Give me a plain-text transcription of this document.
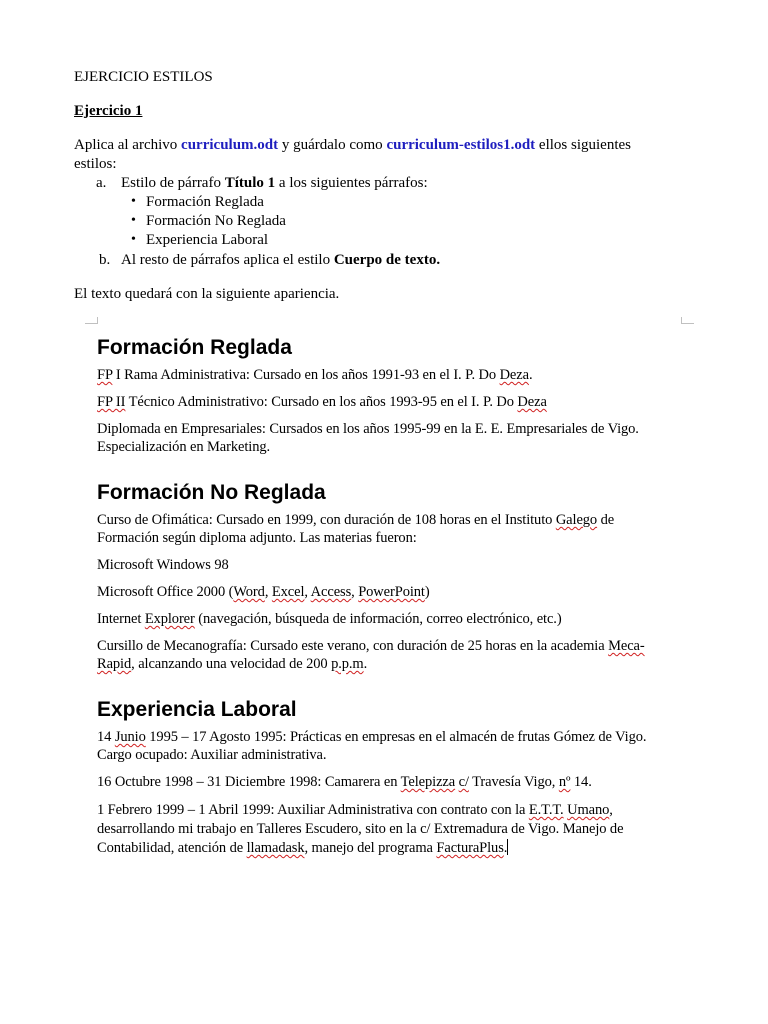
EJERCICIO ESTILOS
Ejercicio 1
Aplica al archivo curriculum.odt y guárdalo como curriculum-estilos1.odt ellos siguientes
estilos:
a. Estilo de párrafo Título 1 a los siguientes párrafos:
• Formación Reglada
• Formación No Reglada
• Experiencia Laboral
b. Al resto de párrafos aplica el estilo Cuerpo de texto.
El texto quedará con la siguiente apariencia.
Formación Reglada
FP I Rama Administrativa: Cursado en los años 1991-93 en el I. P. Do Deza.
FP II Técnico Administrativo: Cursado en los años 1993-95 en el I. P. Do Deza
Diplomada en Empresariales: Cursados en los años 1995-99 en la E. E. Empresariales de Vigo.
Especialización en Marketing.
Formación No Reglada
Curso de Ofimática: Cursado en 1999, con duración de 108 horas en el Instituto Galego de
Formación según diploma adjunto. Las materias fueron:
Microsoft Windows 98
Microsoft Office 2000 (Word, Excel, Access, PowerPoint)
Internet Explorer (navegación, búsqueda de información, correo electrónico, etc.)
Cursillo de Mecanografía: Cursado este verano, con duración de 25 horas en la academia Meca-
Rapid, alcanzando una velocidad de 200 p.p.m.
Experiencia Laboral
14 Junio 1995 – 17 Agosto 1995: Prácticas en empresas en el almacén de frutas Gómez de Vigo.
Cargo ocupado: Auxiliar administrativa.
16 Octubre 1998 – 31 Diciembre 1998: Camarera en Telepizza c/ Travesía Vigo, nº 14.
1 Febrero 1999 – 1 Abril 1999: Auxiliar Administrativa con contrato con la E.T.T. Umano,
desarrollando mi trabajo en Talleres Escudero, sito en la c/ Extremadura de Vigo. Manejo de
Contabilidad, atención de llamadask, manejo del programa FacturaPlus.
